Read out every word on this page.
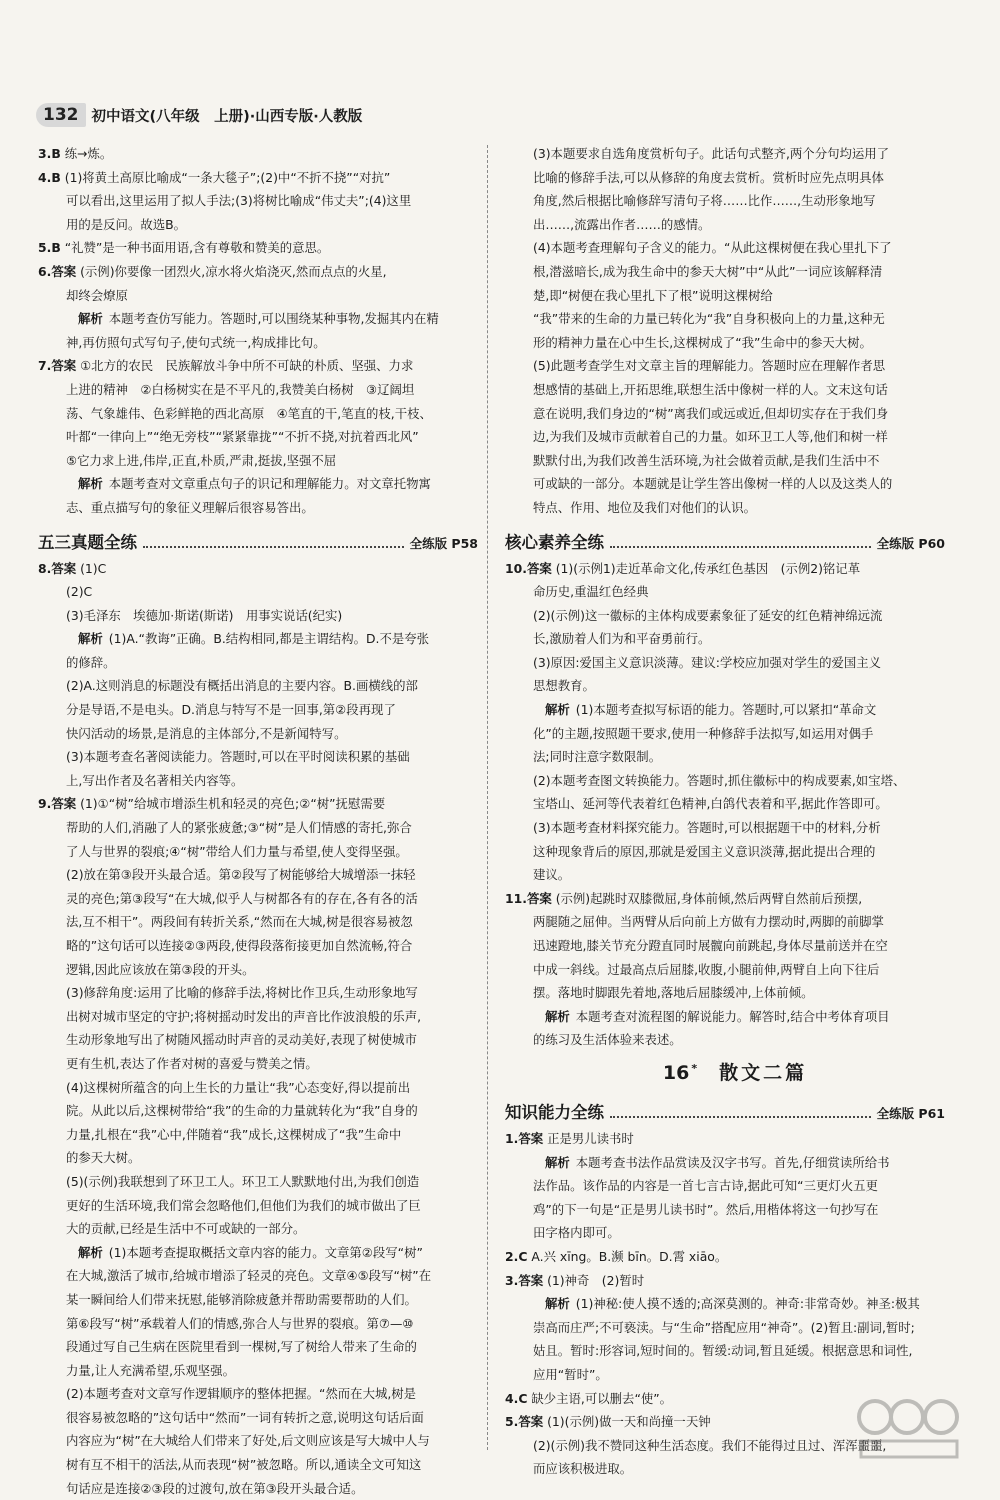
132 初中语文(八年级　上册)·山西专版·人教版

3.B 练→炼。

4.B (1)将黄土高原比喻成“一条大毯子”;(2)中“不折不挠”“对抗”

可以看出,这里运用了拟人手法;(3)将树比喻成“伟丈夫”;(4)这里

用的是反问。故选B。

5.B “礼赞”是一种书面用语,含有尊敬和赞美的意思。

6.答案 (示例)你要像一团烈火,凉水将火焰浇灭,然而点点的火星,

却终会燎原

解析 本题考查仿写能力。答题时,可以围绕某种事物,发掘其内在精

神,再仿照句式写句子,使句式统一,构成排比句。

7.答案 ①北方的农民　民族解放斗争中所不可缺的朴质、坚强、力求

上进的精神　②白杨树实在是不平凡的,我赞美白杨树　③辽阔坦

荡、气象雄伟、色彩鲜艳的西北高原　④笔直的干,笔直的枝,干枝、

叶都“一律向上”“绝无旁枝”“紧紧靠拢”“不折不挠,对抗着西北风”

⑤它力求上进,伟岸,正直,朴质,严肃,挺拔,坚强不屈

解析 本题考查对文章重点句子的识记和理解能力。对文章托物寓

志、重点描写句的象征义理解后很容易答出。

五三真题全练	全练版 P58

8.答案 (1)C

(2)C

(3)毛泽东　埃德加·斯诺(斯诺)　用事实说话(纪实)

解析 (1)A.“教诲”正确。B.结构相同,都是主谓结构。D.不是夸张

的修辞。

(2)A.这则消息的标题没有概括出消息的主要内容。B.画横线的部

分是导语,不是电头。D.消息与特写不是一回事,第②段再现了

快闪活动的场景,是消息的主体部分,不是新闻特写。

(3)本题考查名著阅读能力。答题时,可以在平时阅读积累的基础

上,写出作者及名著相关内容等。

9.答案 (1)①“树”给城市增添生机和轻灵的亮色;②“树”抚慰需要

帮助的人们,消融了人的紧张疲惫;③“树”是人们情感的寄托,弥合

了人与世界的裂痕;④“树”带给人们力量与希望,使人变得坚强。

(2)放在第③段开头最合适。第②段写了树能够给大城增添一抹轻

灵的亮色;第③段写“在大城,似乎人与树都各有的存在,各有各的活

法,互不相干”。两段间有转折关系,“然而在大城,树是很容易被忽

略的”这句话可以连接②③两段,使得段落衔接更加自然流畅,符合

逻辑,因此应该放在第③段的开头。

(3)修辞角度:运用了比喻的修辞手法,将树比作卫兵,生动形象地写

出树对城市坚定的守护;将树摇动时发出的声音比作波浪般的乐声,

生动形象地写出了树随风摇动时声音的灵动美好,表现了树使城市

更有生机,表达了作者对树的喜爱与赞美之情。

(4)这棵树所蕴含的向上生长的力量让“我”心态变好,得以提前出

院。从此以后,这棵树带给“我”的生命的力量就转化为“我”自身的

力量,扎根在“我”心中,伴随着“我”成长,这棵树成了“我”生命中

的参天大树。

(5)(示例)我联想到了环卫工人。环卫工人默默地付出,为我们创造

更好的生活环境,我们常会忽略他们,但他们为我们的城市做出了巨

大的贡献,已经是生活中不可或缺的一部分。

解析 (1)本题考查提取概括文章内容的能力。文章第②段写“树”

在大城,激活了城市,给城市增添了轻灵的亮色。文章④⑤段写“树”在

某一瞬间给人们带来抚慰,能够消除疲惫并帮助需要帮助的人们。

第⑥段写“树”承载着人们的情感,弥合人与世界的裂痕。第⑦—⑩

段通过写自己生病在医院里看到一棵树,写了树给人带来了生命的

力量,让人充满希望,乐观坚强。

(2)本题考查对文章写作逻辑顺序的整体把握。“然而在大城,树是

很容易被忽略的”这句话中“然而”一词有转折之意,说明这句话后面

内容应为“树”在大城给人们带来了好处,后文则应该是写大城中人与

树有互不相干的活法,从而表现“树”被忽略。所以,通读全文可知这

句话应是连接②③段的过渡句,放在第③段开头最合适。

(3)本题要求自选角度赏析句子。此话句式整齐,两个分句均运用了

比喻的修辞手法,可以从修辞的角度去赏析。赏析时应先点明具体

角度,然后根据比喻修辞写清句子将……比作……,生动形象地写

出……,流露出作者……的感情。

(4)本题考查理解句子含义的能力。“从此这棵树便在我心里扎下了

根,潜滋暗长,成为我生命中的参天大树”中“从此”一词应该解释清

楚,即“树便在我心里扎下了根”说明这棵树给

“我”带来的生命的力量已转化为“我”自身积极向上的力量,这种无

形的精神力量在心中生长,这棵树成了“我”生命中的参天大树。

(5)此题考查学生对文章主旨的理解能力。答题时应在理解作者思

想感情的基础上,开拓思维,联想生活中像树一样的人。文末这句话

意在说明,我们身边的“树”离我们或远或近,但却切实存在于我们身

边,为我们及城市贡献着自己的力量。如环卫工人等,他们和树一样

默默付出,为我们改善生活环境,为社会做着贡献,是我们生活中不

可或缺的一部分。本题就是让学生答出像树一样的人以及这类人的

特点、作用、地位及我们对他们的认识。

核心素养全练	全练版 P60

10.答案 (1)(示例1)走近革命文化,传承红色基因　(示例2)铭记革

命历史,重温红色经典

(2)(示例)这一徽标的主体构成要素象征了延安的红色精神绵远流

长,激励着人们为和平奋勇前行。

(3)原因:爱国主义意识淡薄。建议:学校应加强对学生的爱国主义

思想教育。

解析 (1)本题考查拟写标语的能力。答题时,可以紧扣“革命文

化”的主题,按照题干要求,使用一种修辞手法拟写,如运用对偶手

法;同时注意字数限制。

(2)本题考查图文转换能力。答题时,抓住徽标中的构成要素,如宝塔、

宝塔山、延河等代表着红色精神,白鸽代表着和平,据此作答即可。

(3)本题考查材料探究能力。答题时,可以根据题干中的材料,分析

这种现象背后的原因,那就是爱国主义意识淡薄,据此提出合理的

建议。

11.答案 (示例)起跳时双膝微屈,身体前倾,然后两臂自然前后预摆,

两腿随之屈伸。当两臂从后向前上方做有力摆动时,两脚的前脚掌

迅速蹬地,膝关节充分蹬直同时展髋向前跳起,身体尽量前送并在空

中成一斜线。过最高点后屈膝,收腹,小腿前伸,两臂自上向下往后

摆。落地时脚跟先着地,落地后屈膝缓冲,上体前倾。

解析 本题考查对流程图的解说能力。解答时,结合中考体育项目

的练习及生活体验来表述。

16 * 散文二篇
知识能力全练	全练版 P61

1.答案 正是男儿读书时

解析 本题考查书法作品赏读及汉字书写。首先,仔细赏读所给书

法作品。该作品的内容是一首七言古诗,据此可知“三更灯火五更

鸡”的下一句是“正是男儿读书时”。然后,用楷体将这一句抄写在

田字格内即可。

2.C A.兴 xīng。B.濒 bīn。D.霄 xiāo。

3.答案 (1)神奇　(2)暂时

解析 (1)神秘:使人摸不透的;高深莫测的。神奇:非常奇妙。神圣:极其

崇高而庄严;不可亵渎。与“生命”搭配应用“神奇”。(2)暂且:副词,暂时;

姑且。暂时:形容词,短时间的。暂缓:动词,暂且延缓。根据意思和词性,

应用“暂时”。

4.C 缺少主语,可以删去“使”。

5.答案 (1)(示例)做一天和尚撞一天钟

(2)(示例)我不赞同这种生活态度。我们不能得过且过、浑浑噩噩,

而应该积极进取。
